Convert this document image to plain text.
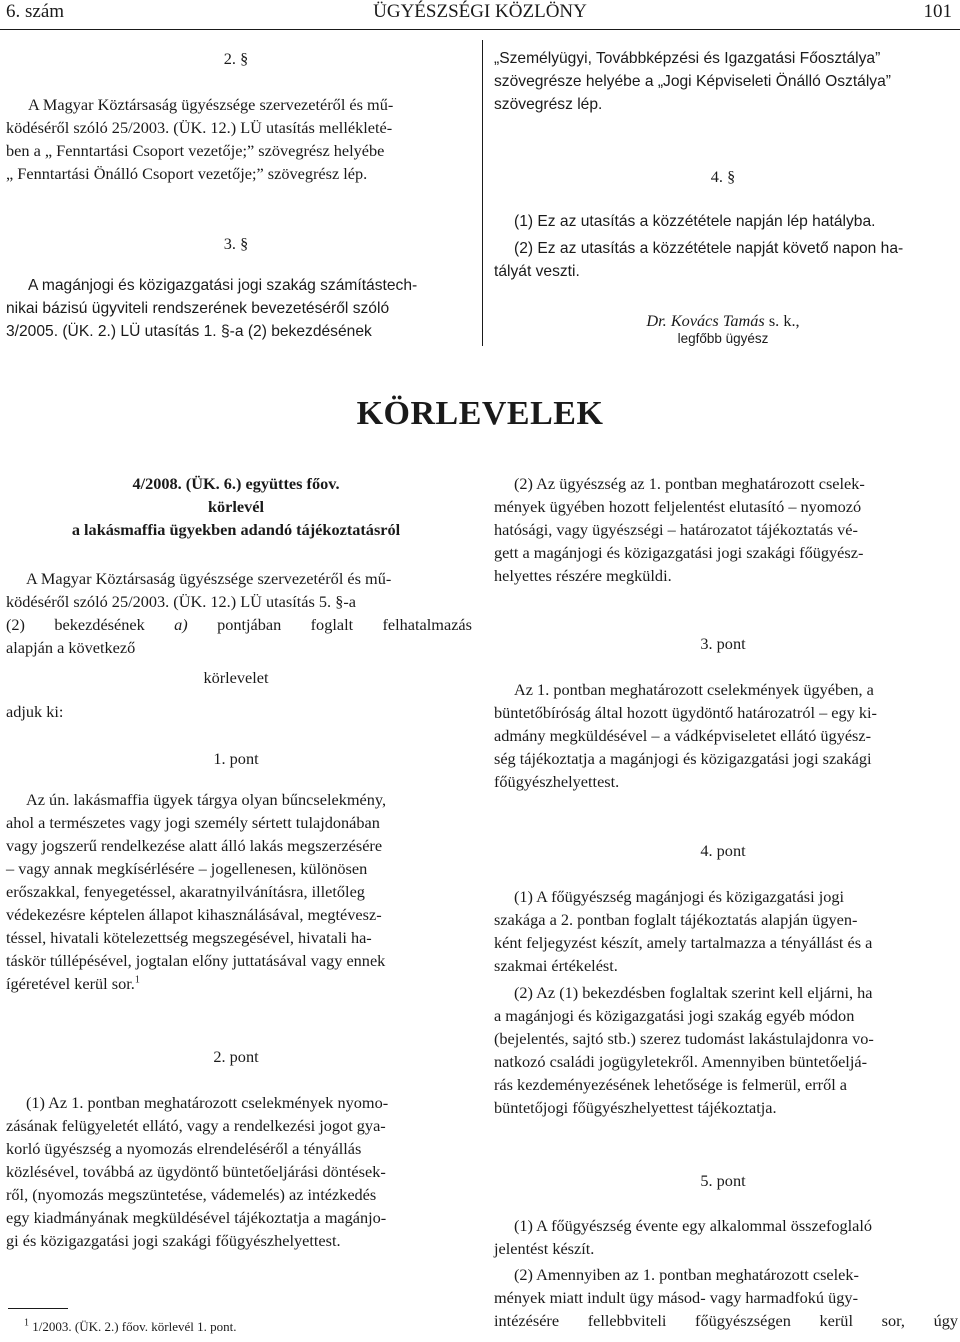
6. szám	ÜGYÉSZSÉGI KÖZLÖNY	101
2. §

A Magyar Köztársaság ügyészsége szervezetéről és mű-

ködéséről szóló 25/2003. (ÜK. 12.) LÜ utasítás mellékleté-

ben a „ Fenntartási Csoport vezetője;” szövegrész helyébe

„ Fenntartási Önálló Csoport vezetője;” szövegrész lép.

3. §

A magánjogi és közigazgatási jogi szakág számítástech-

nikai bázisú ügyviteli rendszerének bevezetéséről szóló

3/2005. (ÜK. 2.) LÜ utasítás 1. §-a (2) bekezdésének

„Személyügyi, Továbbképzési és Igazgatási Főosztálya”

szövegrésze helyébe a „Jogi Képviseleti Önálló Osztálya”

szövegrész lép.

4. §

(1) Ez az utasítás a közzététele napján lép hatályba.

(2) Ez az utasítás a közzététele napját követő napon ha-

tályát veszti.

Dr. Kovács Tamás s. k.,
legfőbb ügyész
KÖRLEVELEK
4/2008. (ÜK. 6.) együttes főov.
körlevél
a lakásmaffia ügyekben adandó tájékoztatásról

A Magyar Köztársaság ügyészsége szervezetéről és mű-

ködéséről szóló 25/2003. (ÜK. 12.) LÜ utasítás 5. §-a

(2) bekezdésének a) pontjában foglalt felhatalmazás

alapján a következő

körlevelet
adjuk ki:
1. pont

Az ún. lakásmaffia ügyek tárgya olyan bűncselekmény,

ahol a természetes vagy jogi személy sértett tulajdonában

vagy jogszerű rendelkezése alatt álló lakás megszerzésére

– vagy annak megkísérlésére – jogellenesen, különösen

erőszakkal, fenyegetéssel, akaratnyilvánításra, illetőleg

védekezésre képtelen állapot kihasználásával, megtévesz-

téssel, hivatali kötelezettség megszegésével, hivatali ha-

táskör túllépésével, jogtalan előny juttatásával vagy ennek

ígéretével kerül sor.$^1$

2. pont

(1) Az 1. pontban meghatározott cselekmények nyomo-

zásának felügyeletét ellátó, vagy a rendelkezési jogot gya-

korló ügyészség a nyomozás elrendeléséről a tényállás

közlésével, továbbá az ügydöntő büntetőeljárási döntések-

ről, (nyomozás megszüntetése, vádemelés) az intézkedés

egy kiadmányának megküldésével tájékoztatja a magánjo-

gi és közigazgatási jogi szakági főügyészhelyettest.

$^1$ 1/2003. (ÜK. 2.) főov. körlevél 1. pont.

(2) Az ügyészség az 1. pontban meghatározott cselek-

mények ügyében hozott feljelentést elutasító – nyomozó

hatósági, vagy ügyészségi – határozatot tájékoztatás vé-

gett a magánjogi és közigazgatási jogi szakági főügyész-

helyettes részére megküldi.

3. pont

Az 1. pontban meghatározott cselekmények ügyében, a

büntetőbíróság által hozott ügydöntő határozatról – egy ki-

admány megküldésével – a vádképviseletet ellátó ügyész-

ség tájékoztatja a magánjogi és közigazgatási jogi szakági

főügyészhelyettest.

4. pont

(1) A főügyészség magánjogi és közigazgatási jogi

szakága a 2. pontban foglalt tájékoztatás alapján ügyen-

ként feljegyzést készít, amely tartalmazza a tényállást és a

szakmai értékelést.

(2) Az (1) bekezdésben foglaltak szerint kell eljárni, ha

a magánjogi és közigazgatási jogi szakág egyéb módon

(bejelentés, sajtó stb.) szerez tudomást lakástulajdonra vo-

natkozó családi jogügyletekről. Amennyiben büntetőeljá-

rás kezdeményezésének lehetősége is felmerül, erről a

büntetőjogi főügyészhelyettest tájékoztatja.

5. pont

(1) A főügyészség évente egy alkalommal összefoglaló

jelentést készít.

(2) Amennyiben az 1. pontban meghatározott cselek-

mények miatt indult ügy másod- vagy harmadfokú ügy-

intézésére fellebbviteli főügyészségen kerül sor, úgy
